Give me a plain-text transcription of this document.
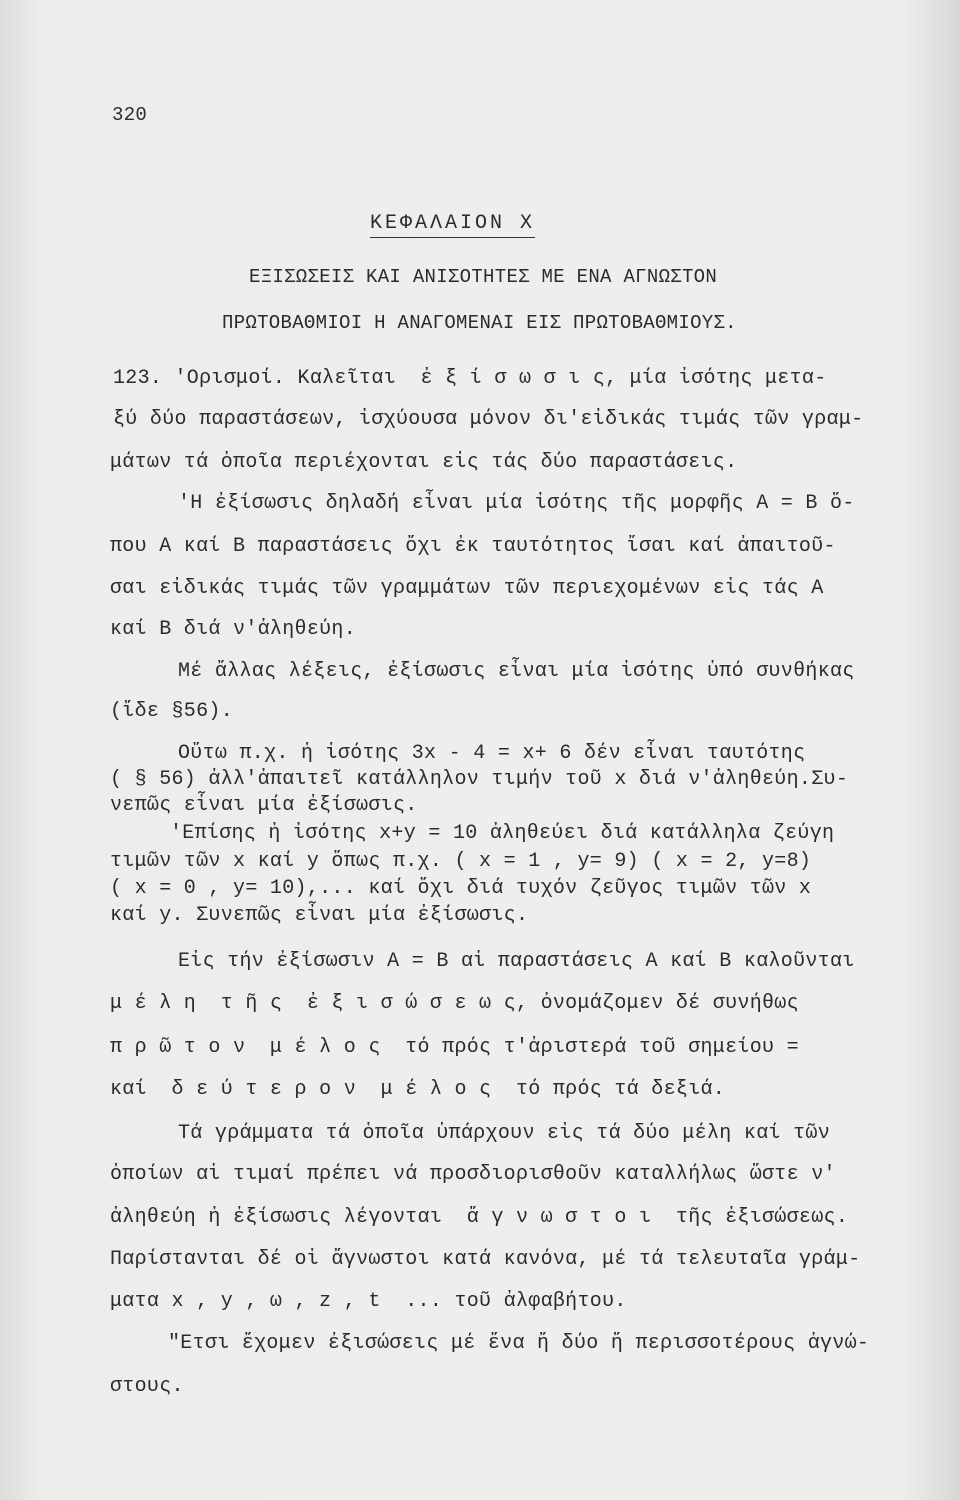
320
ΚΕΦΑΛΑΙΟΝ Χ
ΕΞΙΣΩΣΕΙΣ ΚΑΙ ΑΝΙΣΟΤΗΤΕΣ ΜΕ ΕΝΑ ΑΓΝΩΣΤΟΝ
ΠΡΩΤΟΒΑΘΜΙΟΙ Η ΑΝΑΓΟΜΕΝΑΙ ΕΙΣ ΠΡΩΤΟΒΑΘΜΙΟΥΣ.
123. 'Ορισμοί. Καλεῖται  ἐ ξ ί σ ω σ ι ς, μία ἰσότης μετα-
ξύ δύο παραστάσεων, ἰσχύουσα μόνον δι'εἰδικάς τιμάς τῶν γραμ-
μάτων τά ὁποῖα περιέχονται εἰς τάς δύο παραστάσεις.
'Η ἐξίσωσις δηλαδή εἶναι μία ἰσότης τῆς μορφῆς Α = Β ὅ-
που Α καί Β παραστάσεις ὄχι ἐκ ταυτότητος ἴσαι καί ἀπαιτοῦ-
σαι εἰδικάς τιμάς τῶν γραμμάτων τῶν περιεχομένων εἰς τάς Α
καί Β διά ν'ἀληθεύη.
Μέ ἄλλας λέξεις, ἐξίσωσις εἶναι μία ἰσότης ὑπό συνθήκας
(ἴδε §56).
Οὕτω π.χ. ἡ ἰσότης 3x - 4 = x+ 6 δέν εἶναι ταυτότης
( § 56) ἀλλ'ἀπαιτεῖ κατάλληλον τιμήν τοῦ x διά ν'ἀληθεύη.Συ-
νεπῶς εἶναι μία ἐξίσωσις.
'Επίσης ἡ ἰσότης x+y = 10 ἀληθεύει διά κατάλληλα ζεύγη
τιμῶν τῶν x καί y ὅπως π.χ. ( x = 1 , y= 9) ( x = 2, y=8)
( x = 0 , y= 10),... καί ὄχι διά τυχόν ζεῦγος τιμῶν τῶν x
καί y. Συνεπῶς εἶναι μία ἐξίσωσις.
Εἰς τήν ἐξίσωσιν Α = Β αἱ παραστάσεις Α καί Β καλοῦνται
μ έ λ η  τ ῆ ς  ἐ ξ ι σ ώ σ ε ω ς, ὀνομάζομεν δέ συνήθως
π ρ ῶ τ ο ν  μ έ λ ο ς  τό πρός τ'ἀριστερά τοῦ σημείου =
καί  δ ε ύ τ ε ρ ο ν  μ έ λ ο ς  τό πρός τά δεξιά.
Τά γράμματα τά ὁποῖα ὑπάρχουν εἰς τά δύο μέλη καί τῶν
ὁποίων αἱ τιμαί πρέπει νά προσδιορισθοῦν καταλλήλως ὥστε ν'
ἀληθεύη ἡ ἐξίσωσις λέγονται  ἄ γ ν ω σ τ ο ι  τῆς ἐξισώσεως.
Παρίστανται δέ οἱ ἄγνωστοι κατά κανόνα, μέ τά τελευταῖα γράμ-
ματα x , y , ω , z , t  ... τοῦ ἀλφαβήτου.
"Ετσι ἔχομεν ἐξισώσεις μέ ἕνα ἤ δύο ἤ περισσοτέρους ἀγνώ-
στους.
